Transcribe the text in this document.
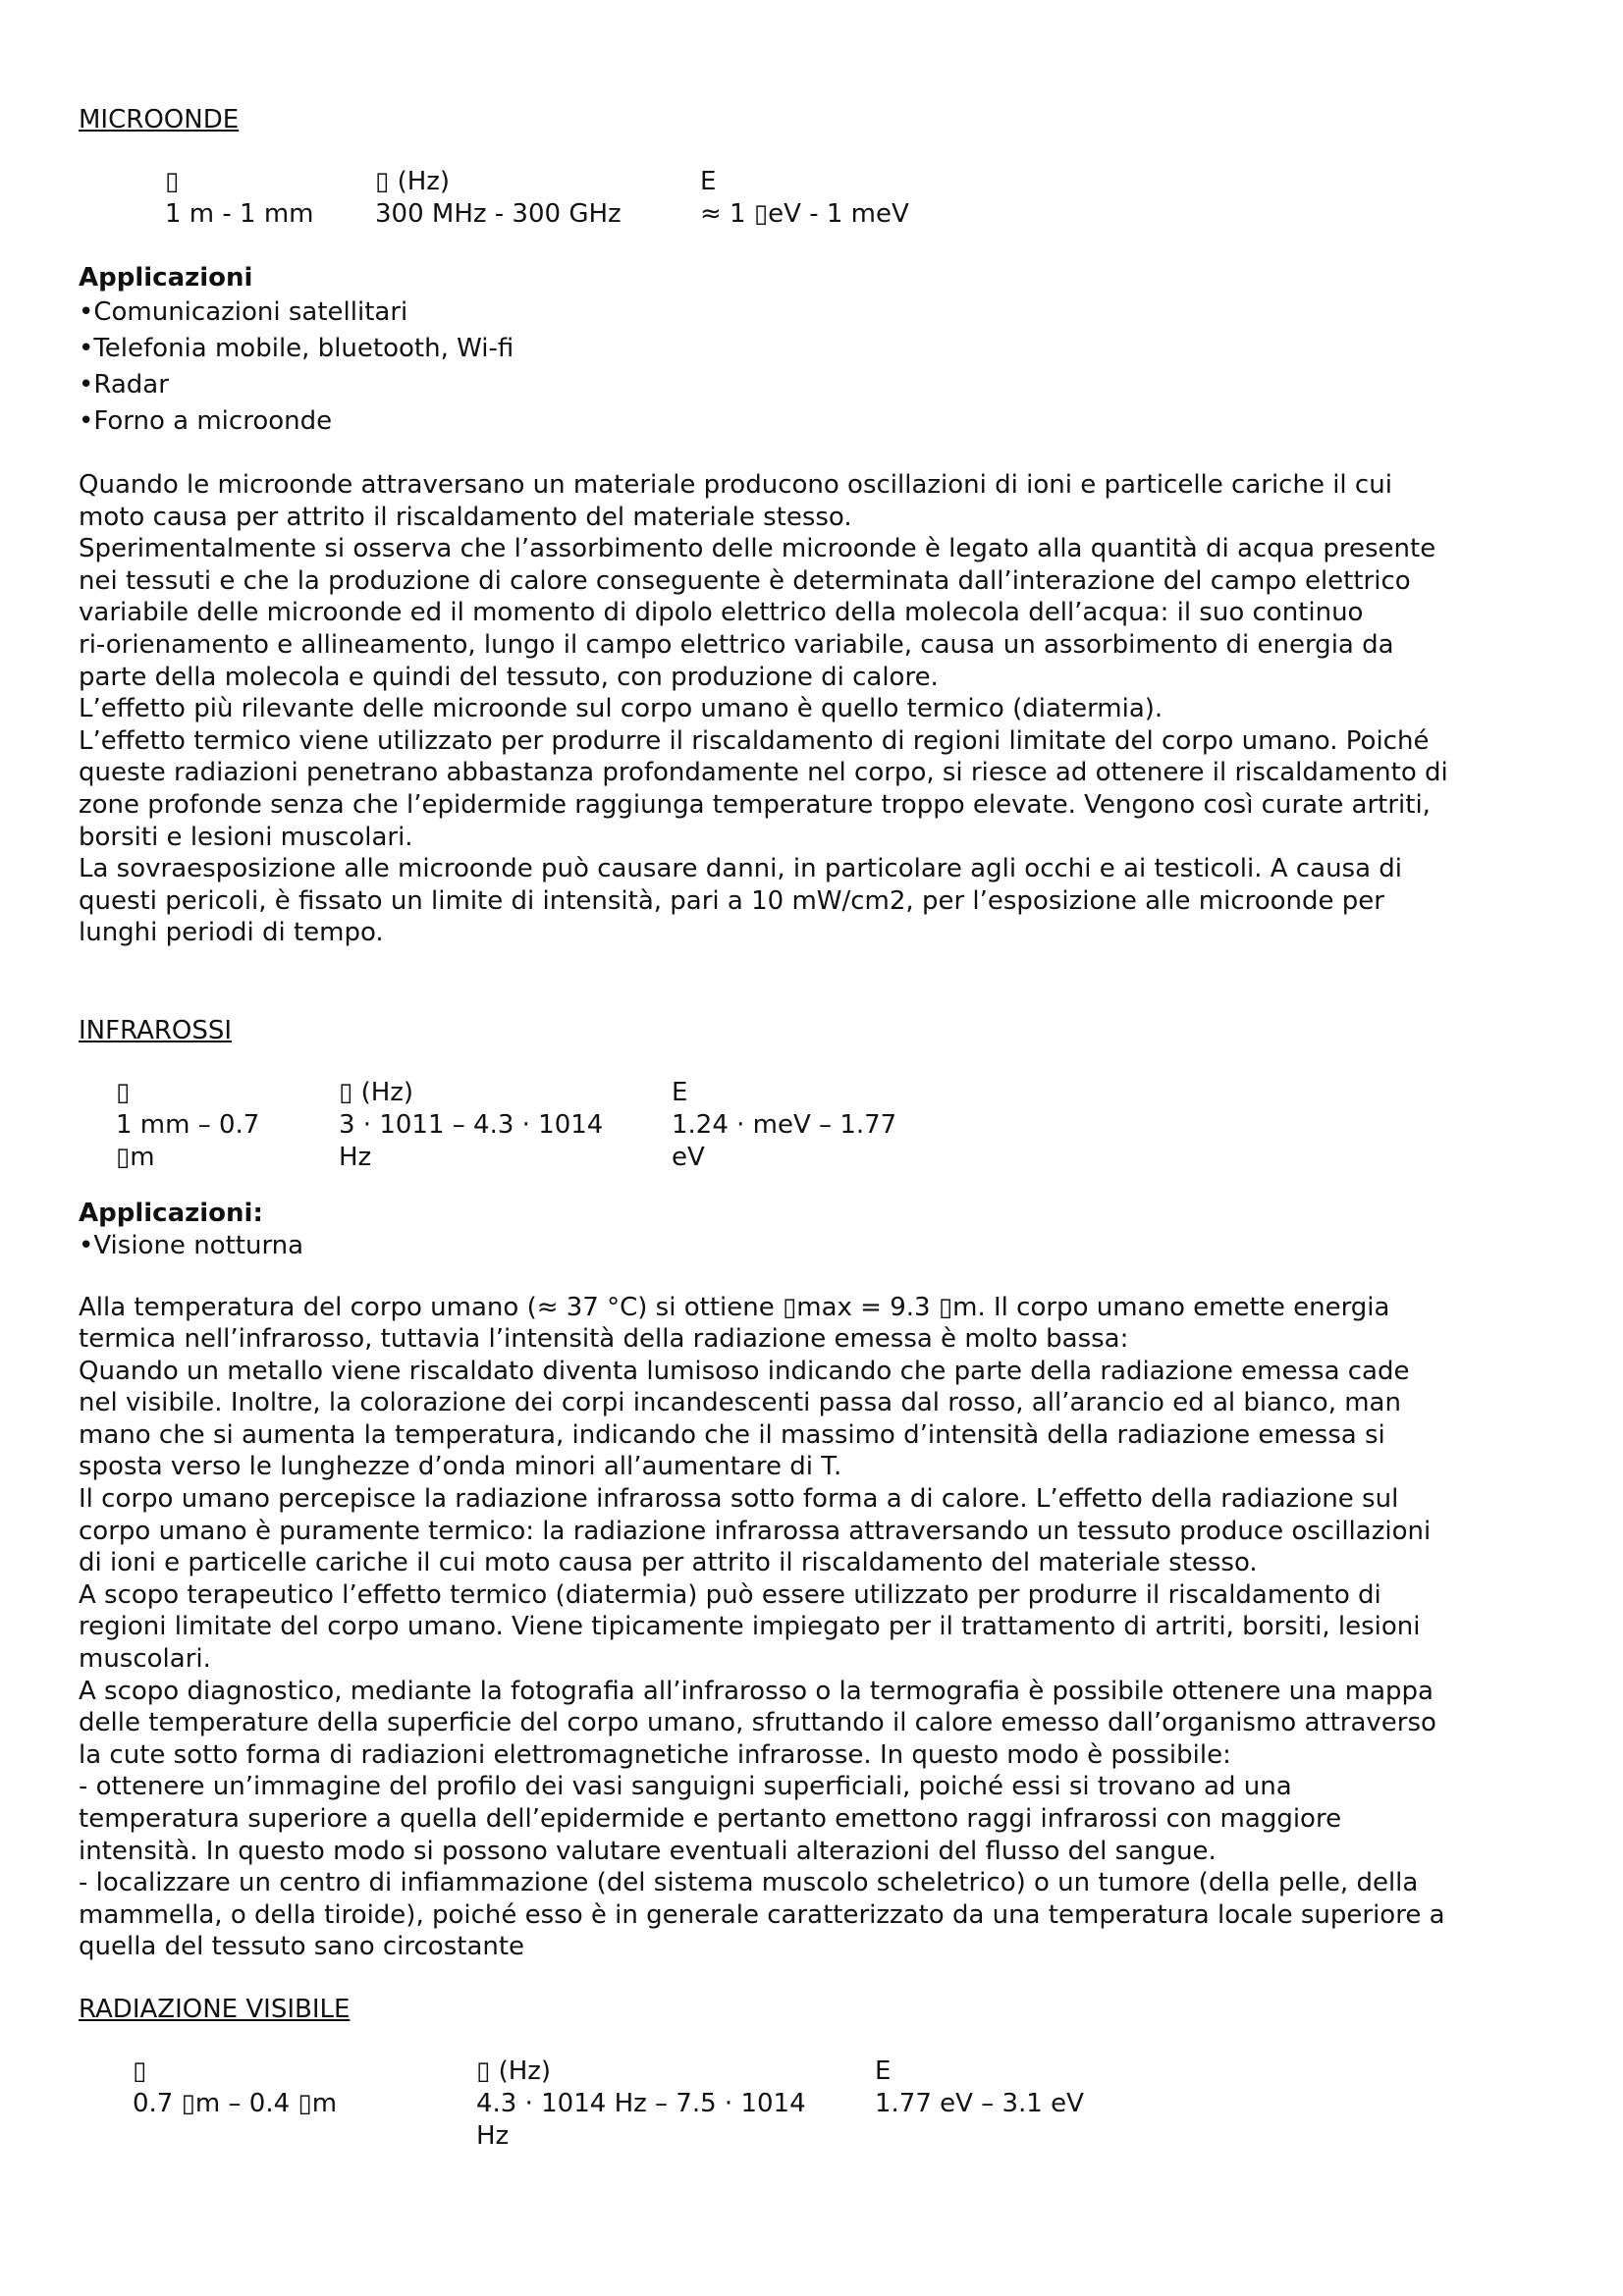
MICROONDE

▯
1 m - 1 mm
▯ (Hz)
300 MHz - 300 GHz
E
≈ 1 ▯eV - 1 meV

Applicazioni

•Comunicazioni satellitari

•Telefonia mobile, bluetooth, Wi-fi

•Radar

•Forno a microonde

Quando le microonde attraversano un materiale producono oscillazioni di ioni e particelle cariche il cui

moto causa per attrito il riscaldamento del materiale stesso.

Sperimentalmente si osserva che l’assorbimento delle microonde è legato alla quantità di acqua presente

nei tessuti e che la produzione di calore conseguente è determinata dall’interazione del campo elettrico

variabile delle microonde ed il momento di dipolo elettrico della molecola dell’acqua: il suo continuo

ri-orienamento e allineamento, lungo il campo elettrico variabile, causa un assorbimento di energia da

parte della molecola e quindi del tessuto, con produzione di calore.

L’effetto più rilevante delle microonde sul corpo umano è quello termico (diatermia).

L’effetto termico viene utilizzato per produrre il riscaldamento di regioni limitate del corpo umano. Poiché

queste radiazioni penetrano abbastanza profondamente nel corpo, si riesce ad ottenere il riscaldamento di

zone profonde senza che l’epidermide raggiunga temperature troppo elevate. Vengono così curate artriti,

borsiti e lesioni muscolari.

La sovraesposizione alle microonde può causare danni, in particolare agli occhi e ai testicoli. A causa di

questi pericoli, è fissato un limite di intensità, pari a 10 mW/cm2, per l’esposizione alle microonde per

lunghi periodi di tempo.

INFRAROSSI

▯
1 mm – 0.7
▯m
▯ (Hz)
3 · 1011 – 4.3 · 1014
Hz
E
1.24 · meV – 1.77
eV

Applicazioni:

•Visione notturna

Alla temperatura del corpo umano (≈ 37 °C) si ottiene ▯max = 9.3 ▯m. Il corpo umano emette energia

termica nell’infrarosso, tuttavia l’intensità della radiazione emessa è molto bassa:

Quando un metallo viene riscaldato diventa lumisoso indicando che parte della radiazione emessa cade

nel visibile. Inoltre, la colorazione dei corpi incandescenti passa dal rosso, all’arancio ed al bianco, man

mano che si aumenta la temperatura, indicando che il massimo d’intensità della radiazione emessa si

sposta verso le lunghezze d’onda minori all’aumentare di T.

Il corpo umano percepisce la radiazione infrarossa sotto forma a di calore. L’effetto della radiazione sul

corpo umano è puramente termico: la radiazione infrarossa attraversando un tessuto produce oscillazioni

di ioni e particelle cariche il cui moto causa per attrito il riscaldamento del materiale stesso.

A scopo terapeutico l’effetto termico (diatermia) può essere utilizzato per produrre il riscaldamento di

regioni limitate del corpo umano. Viene tipicamente impiegato per il trattamento di artriti, borsiti, lesioni

muscolari.

A scopo diagnostico, mediante la fotografia all’infrarosso o la termografia è possibile ottenere una mappa

delle temperature della superficie del corpo umano, sfruttando il calore emesso dall’organismo attraverso

la cute sotto forma di radiazioni elettromagnetiche infrarosse. In questo modo è possibile:

- ottenere un’immagine del profilo dei vasi sanguigni superficiali, poiché essi si trovano ad una

temperatura superiore a quella dell’epidermide e pertanto emettono raggi infrarossi con maggiore

intensità. In questo modo si possono valutare eventuali alterazioni del flusso del sangue.

- localizzare un centro di infiammazione (del sistema muscolo scheletrico) o un tumore (della pelle, della

mammella, o della tiroide), poiché esso è in generale caratterizzato da una temperatura locale superiore a

quella del tessuto sano circostante

RADIAZIONE VISIBILE

▯
0.7 ▯m – 0.4 ▯m
▯ (Hz)
4.3 · 1014 Hz – 7.5 · 1014
Hz
E
1.77 eV – 3.1 eV
